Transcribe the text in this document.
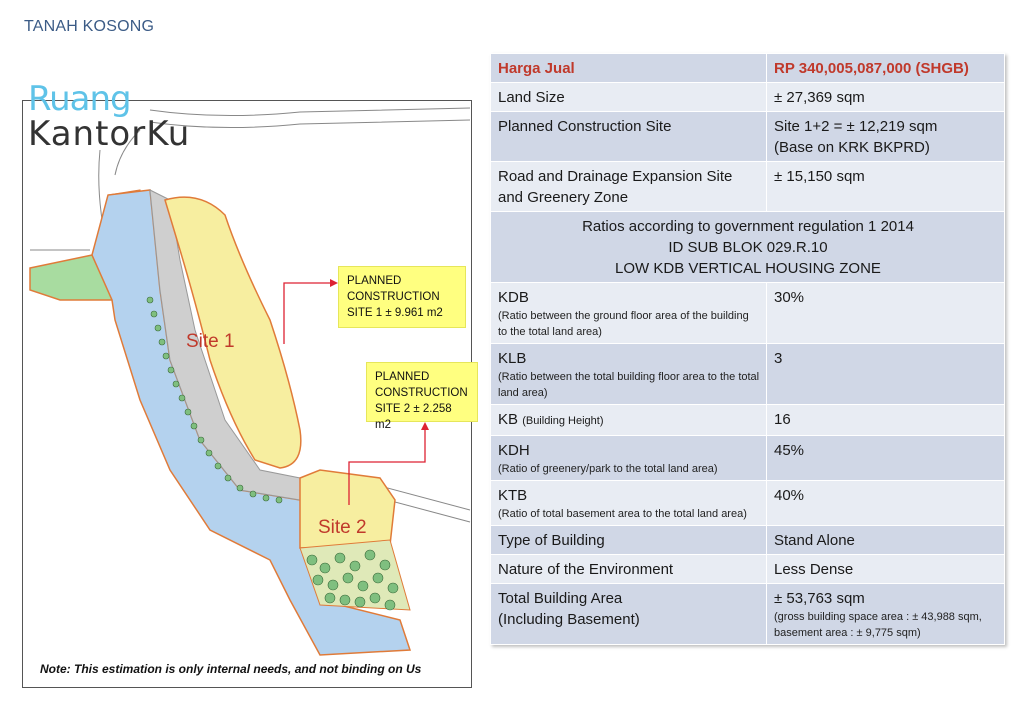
TANAH KOSONG
Site 1
Site 2
Ruang
KantorKu
PLANNED
CONSTRUCTION
SITE 1 ± 9.961 m2
PLANNED
CONSTRUCTION
SITE 2 ± 2.258 m2
Note: This estimation is only internal needs, and not binding on Us
Harga Jual	RP 340,005,087,000 (SHGB)
Land Size	± 27,369 sqm
Planned Construction Site	Site 1+2 = ± 12,219 sqm
(Base on KRK BKPRD)

Road and Drainage Expansion Site
and Greenery Zone	± 15,150 sqm

Ratios according to government regulation 1 2014
ID SUB BLOK 029.R.10
LOW KDB VERTICAL HOUSING ZONE	

KDB
(Ratio between the ground floor area of the building to the total land area)	30%

KLB
(Ratio between the total building floor area to the total land area)	3
KB (Building Height)	16

KDH
(Ratio of greenery/park to the total land area)	45%

KTB
(Ratio of total basement area to the total land area)	40%
Type of Building	Stand Alone
Nature of the Environment	Less Dense

Total Building Area
(Including Basement)	± 53,763 sqm
(gross building space area : ± 43,988 sqm, basement area : ± 9,775 sqm)
